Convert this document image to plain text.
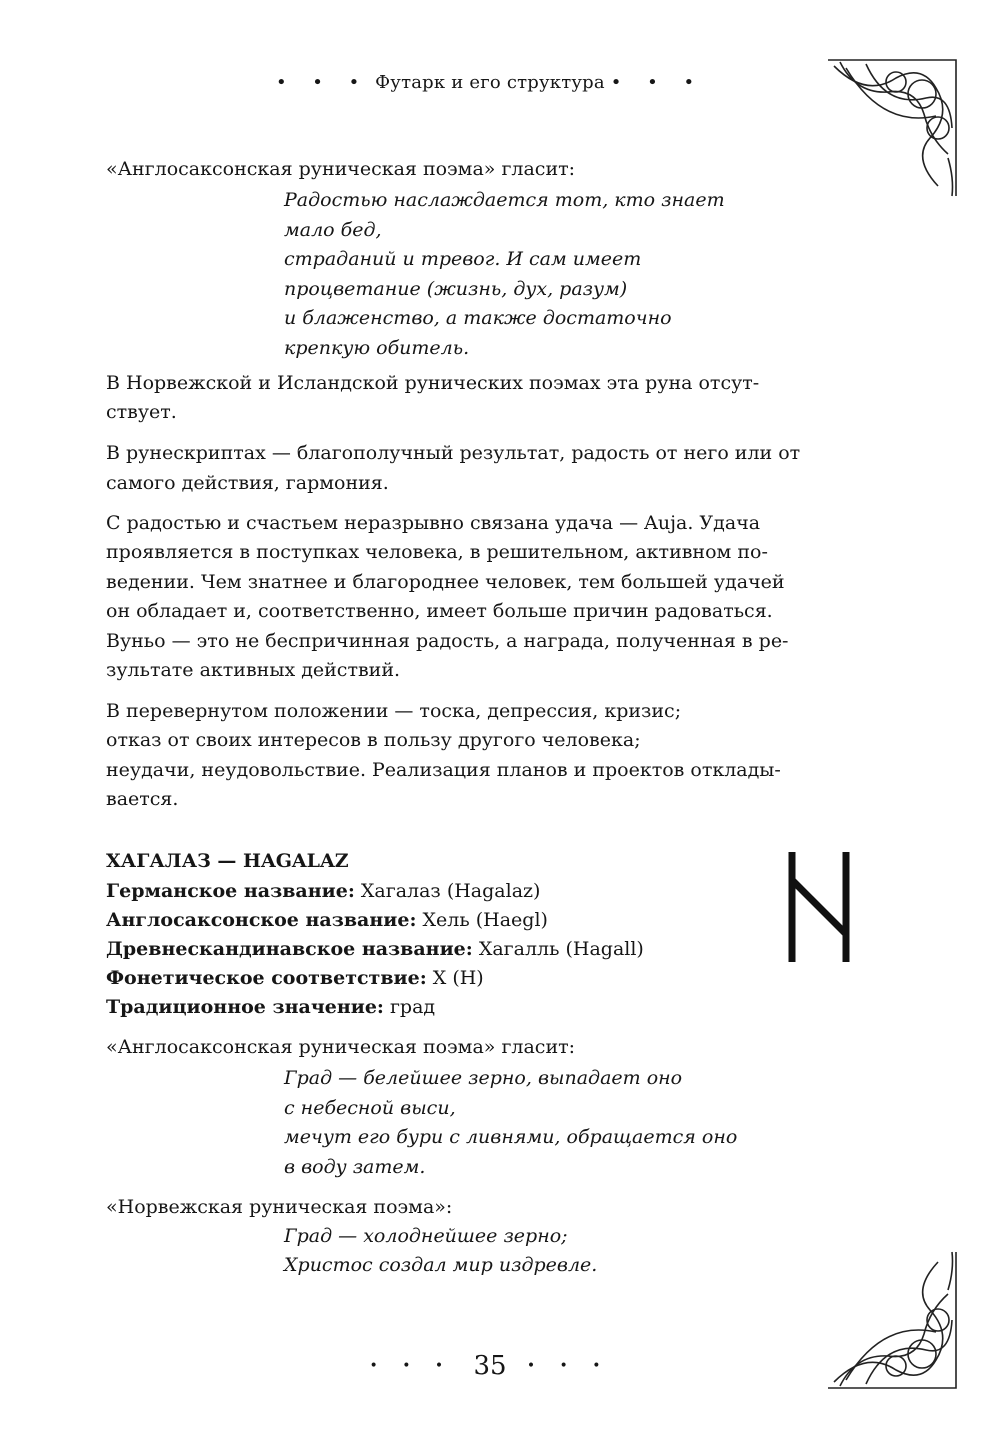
• • • Футарк и его структура • • •
«Англосаксонская руническая поэма» гласит:
Радостью наслаждается тот, кто знает
мало бед,
страданий и тревог. И сам имеет
процветание (жизнь, дух, разум)
и блаженство, а также достаточно
крепкую обитель.
В Норвежской и Исландской рунических поэмах эта руна отсут-
ствует.
В рунескриптах — благополучный результат, радость от него или от
самого действия, гармония.
С радостью и счастьем неразрывно связана удача — Auja. Удача
проявляется в поступках человека, в решительном, активном по-
ведении. Чем знатнее и благороднее человек, тем большей удачей
он обладает и, соответственно, имеет больше причин радоваться.
Вуньо — это не беспричинная радость, а награда, полученная в ре-
зультате активных действий.
В перевернутом положении — тоска, депрессия, кризис;
отказ от своих интересов в пользу другого человека;
неудачи, неудовольствие. Реализация планов и проектов отклады-
вается.
ХАГАЛАЗ — HAGALAZ
Германское название: Хагалаз (Hagalaz)
Англосаксонское название: Хель (Haegl)
Древнескандинавское название: Хагалль (Hagall)
Фонетическое соответствие: Х (H)
Традиционное значение: град
«Англосаксонская руническая поэма» гласит:
Град — белейшее зерно, выпадает оно
с небесной выси,
мечут его бури с ливнями, обращается оно
в воду затем.
«Норвежская руническая поэма»:
Град — холоднейшее зерно;
Христос создал мир издревле.
• • • 35 • • •
